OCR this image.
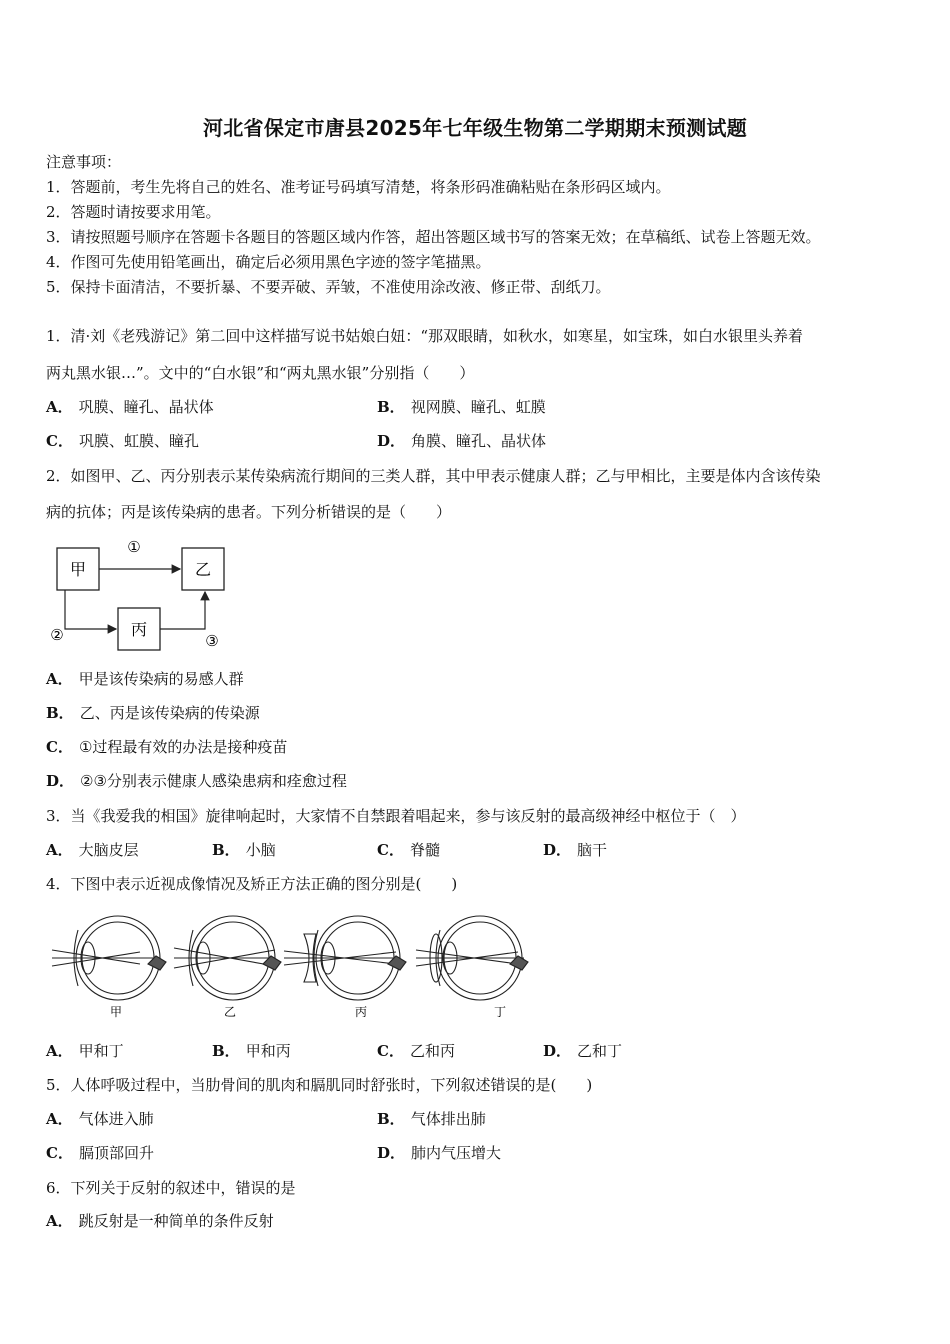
河北省保定市唐县2025年七年级生物第二学期期末预测试题
注意事项：
1．答题前，考生先将自己的姓名、准考证号码填写清楚，将条形码准确粘贴在条形码区域内。
2．答题时请按要求用笔。
3．请按照题号顺序在答题卡各题目的答题区域内作答，超出答题区域书写的答案无效；在草稿纸、试卷上答题无效。
4．作图可先使用铅笔画出，确定后必须用黑色字迹的签字笔描黑。
5．保持卡面清洁，不要折暴、不要弄破、弄皱，不准使用涂改液、修正带、刮纸刀。
1．清·刘《老残游记》第二回中这样描写说书姑娘白妞：“那双眼睛，如秋水，如寒星，如宝珠，如白水银里头养着
两丸黑水银…”。文中的“白水银”和“两丸黑水银”分别指（　　）
A． 巩膜、瞳孔、晶状体	B． 视网膜、瞳孔、虹膜
C． 巩膜、虹膜、瞳孔	D． 角膜、瞳孔、晶状体
2．如图甲、乙、丙分别表示某传染病流行期间的三类人群，其中甲表示健康人群；乙与甲相比，主要是体内含该传染
病的抗体；丙是该传染病的患者。下列分析错误的是（　　）
甲	乙
丙
①
②	③
A． 甲是该传染病的易感人群
B． 乙、丙是该传染病的传染源
C． ①过程最有效的办法是接种疫苗
D． ②③分别表示健康人感染患病和痊愈过程
3．当《我爱我的相国》旋律响起时，大家情不自禁跟着唱起来，参与该反射的最高级神经中枢位于（　）
A． 大脑皮层	B． 小脑	C． 脊髓	D． 脑干
4．下图中表示近视成像情况及矫正方法正确的图分别是(　　)
甲	乙	丙	丁
A． 甲和丁	B． 甲和丙	C． 乙和丙	D． 乙和丁
5．人体呼吸过程中，当肋骨间的肌肉和膈肌同时舒张时，下列叙述错误的是(　　)
A． 气体进入肺	B． 气体排出肺
C． 膈顶部回升	D． 肺内气压增大
6．下列关于反射的叙述中，错误的是
A． 跳反射是一种简单的条件反射
